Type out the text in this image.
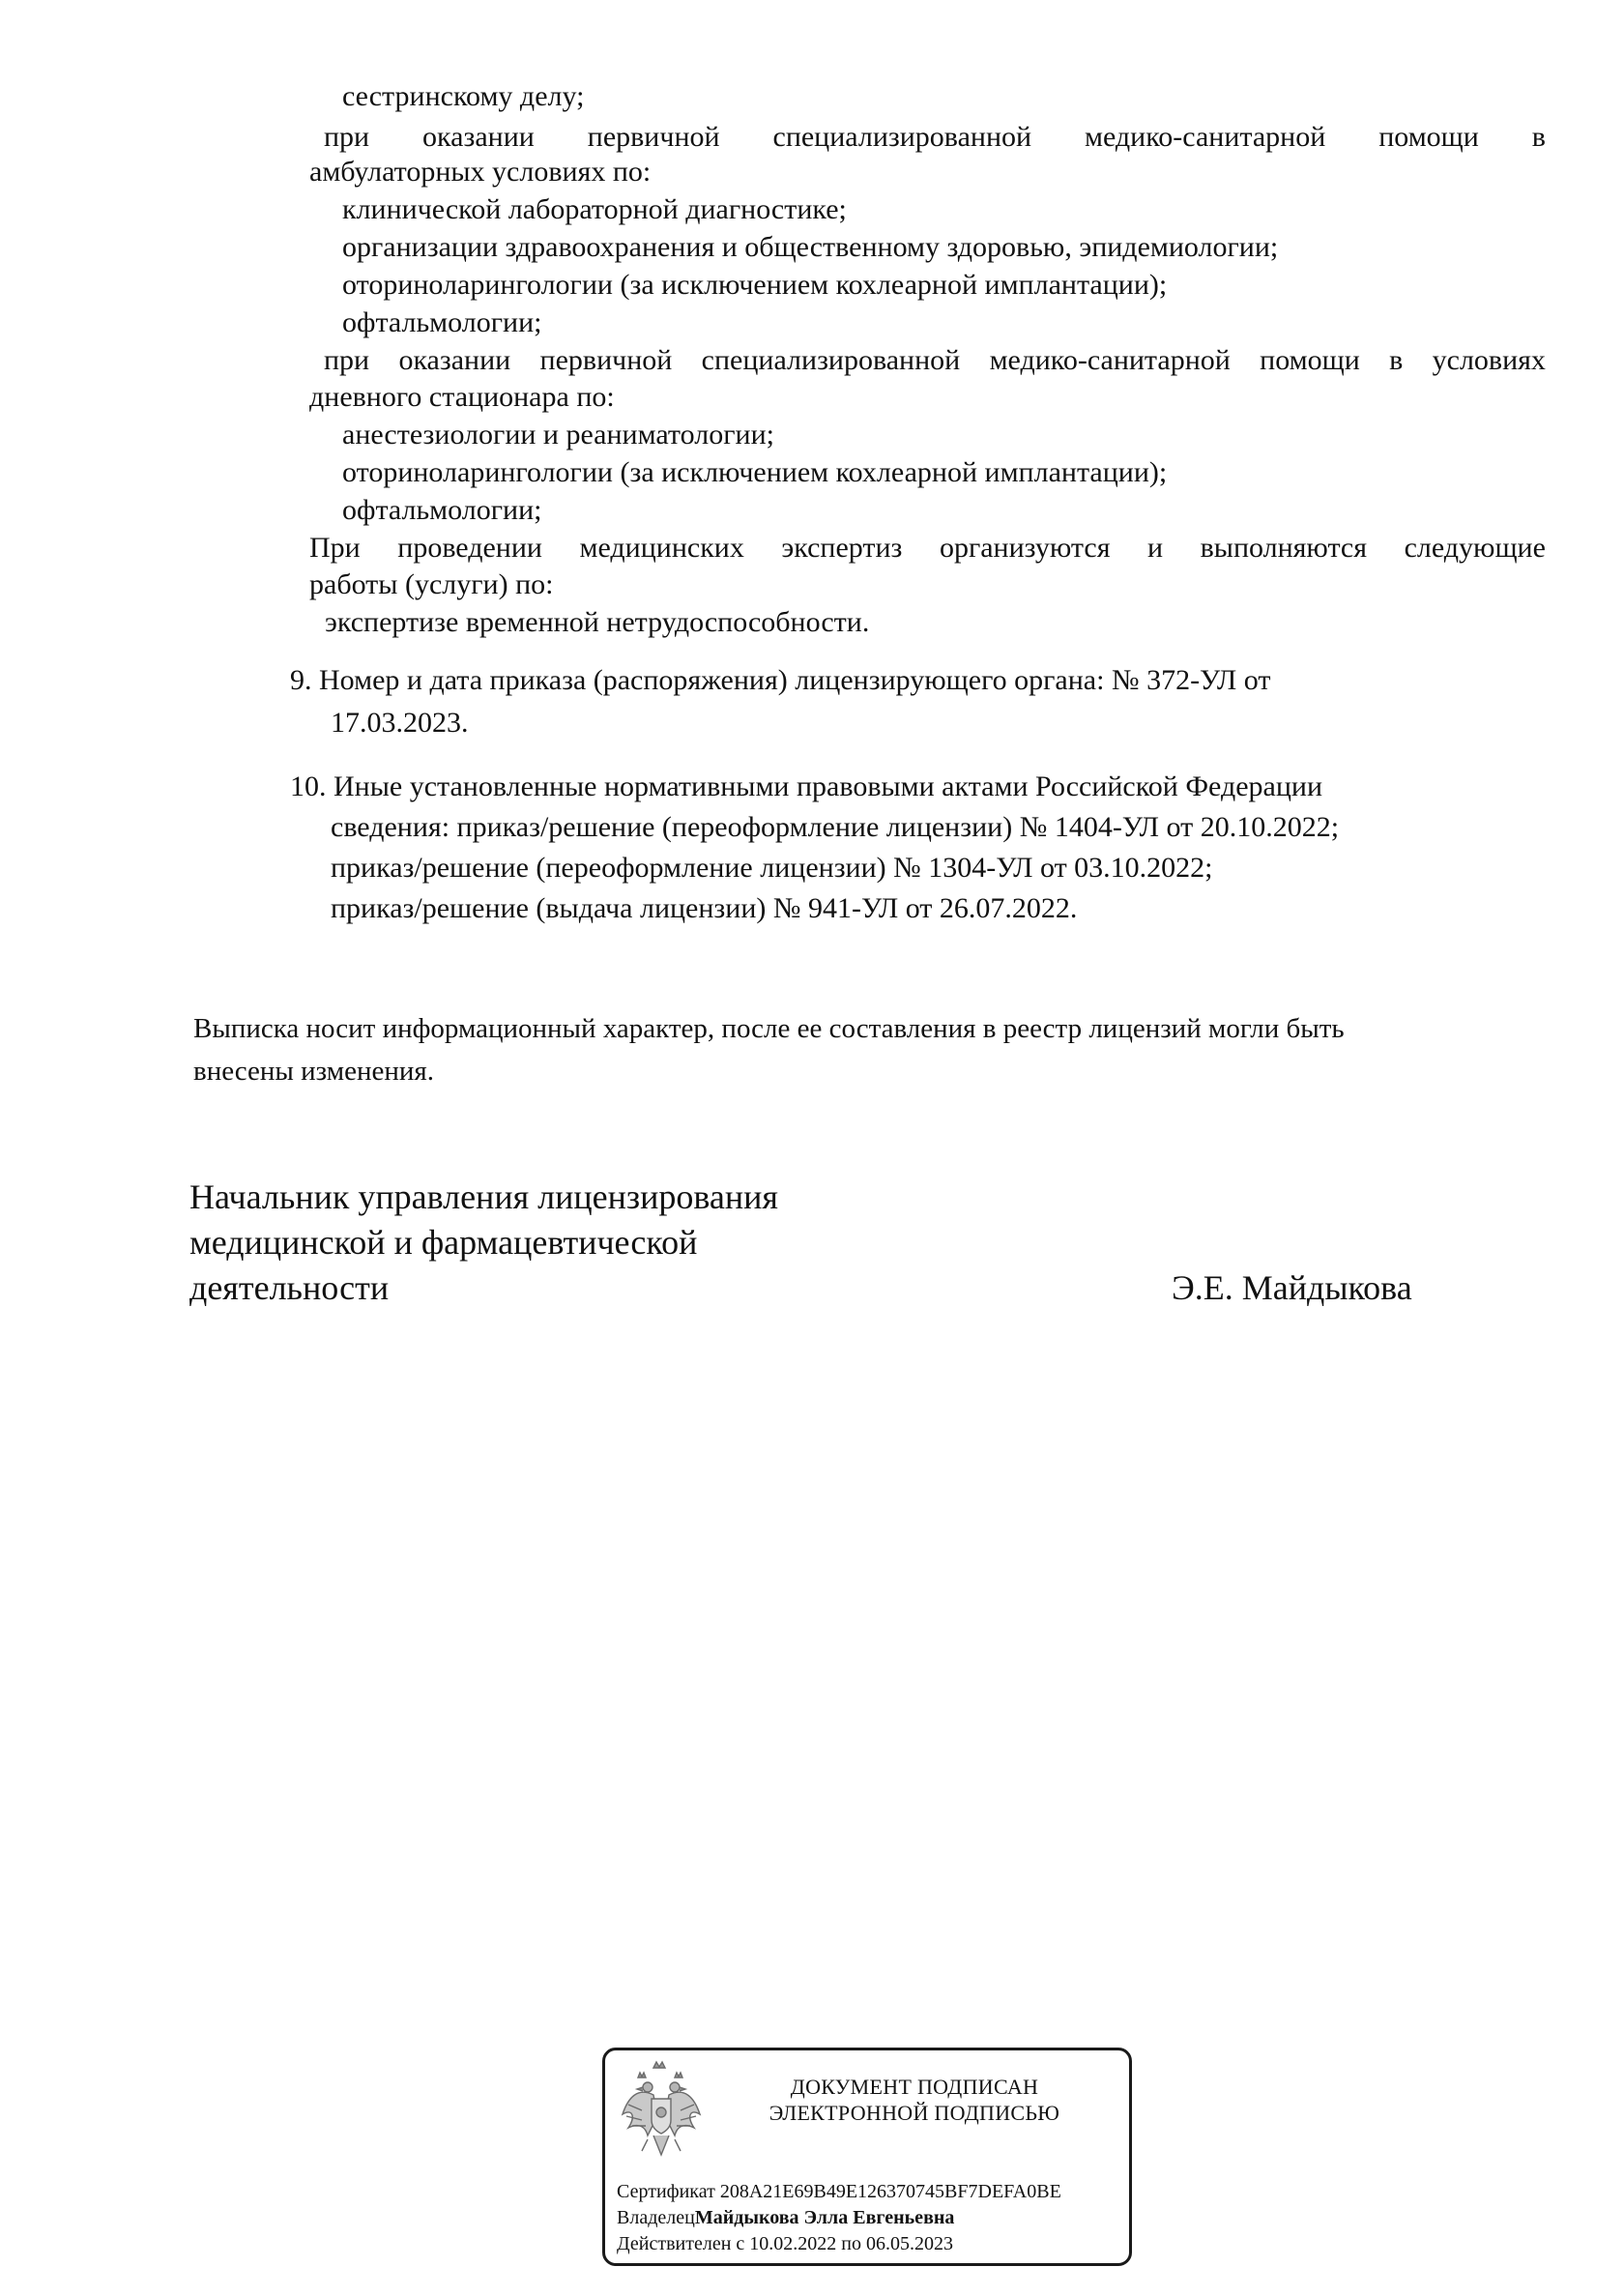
сестринскому делу;
при оказании первичной специализированной медико-санитарной помощи в
амбулаторных условиях по:
клинической лабораторной диагностике;
организации здравоохранения и общественному здоровью, эпидемиологии;
оториноларингологии (за исключением кохлеарной имплантации);
офтальмологии;
при оказании первичной специализированной медико-санитарной помощи в условиях
дневного стационара по:
анестезиологии и реаниматологии;
оториноларингологии (за исключением кохлеарной имплантации);
офтальмологии;
При проведении медицинских экспертиз организуются и выполняются следующие
работы (услуги) по:
экспертизе временной нетрудоспособности.
9. Номер и дата приказа (распоряжения) лицензирующего органа: № 372-УЛ от
17.03.2023.
10. Иные установленные нормативными правовыми актами Российской Федерации
сведения: приказ/решение (переоформление лицензии) № 1404-УЛ от 20.10.2022;
приказ/решение (переоформление лицензии) № 1304-УЛ от 03.10.2022;
приказ/решение (выдача лицензии) № 941-УЛ от 26.07.2022.
Выписка носит информационный характер, после ее составления в реестр лицензий могли быть
внесены изменения.
Начальник управления лицензирования
медицинской и фармацевтической
деятельности	Э.Е. Майдыкова
ДОКУМЕНТ ПОДПИСАН
ЭЛЕКТРОННОЙ ПОДПИСЬЮ
Сертификат 208A21E69B49E126370745BF7DEFA0BE
ВладелецМайдыкова Элла Евгеньевна
Действителен с 10.02.2022 по 06.05.2023
